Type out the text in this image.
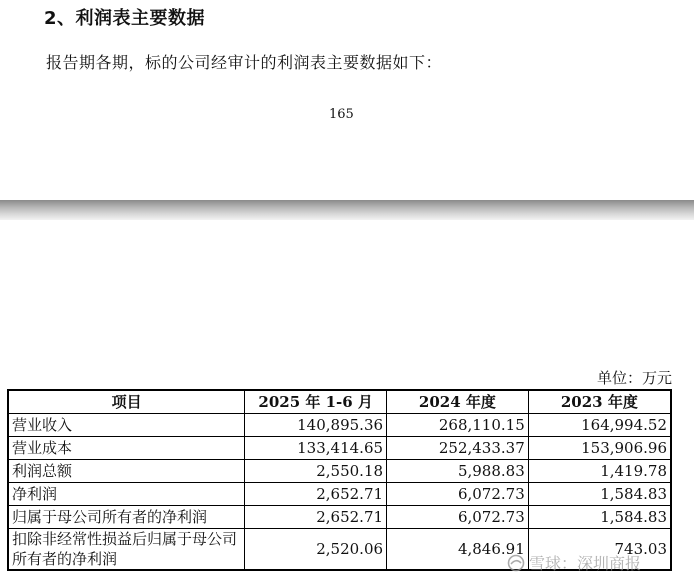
2、利润表主要数据
报告期各期，标的公司经审计的利润表主要数据如下：
165
单位：万元
项目	2025 年 1-6 月	2024 年度	2023 年度
营业收入	140,895.36	268,110.15	164,994.52
营业成本	133,414.65	252,433.37	153,906.96
利润总额	2,550.18	5,988.83	1,419.78
净利润	2,652.71	6,072.73	1,584.83
归属于母公司所有者的净利润	2,652.71	6,072.73	1,584.83
扣除非经常性损益后归属于母公司所有者的净利润	2,520.06	4,846.91	743.03
雪球：深圳商报
